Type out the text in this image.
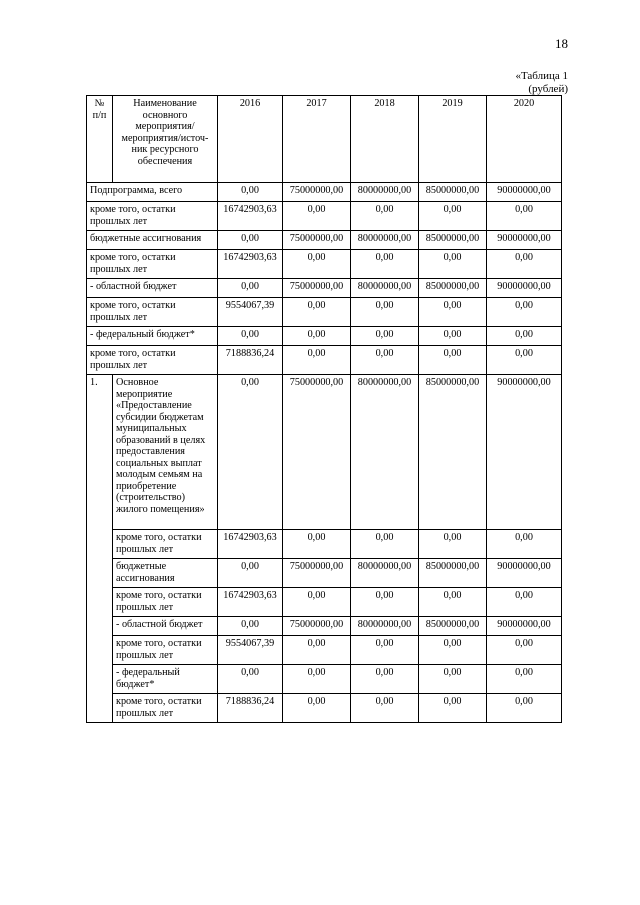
18
«Таблица 1
(рублей)
№ п/п	Наименование основного мероприятия/ мероприятия/источ-ник ресурсного обеспечения	2016	2017	2018	2019	2020
Подпрограмма, всего		0,00	75000000,00	80000000,00	85000000,00	90000000,00
кроме того, остатки прошлых лет		16742903,63	0,00	0,00	0,00	0,00
бюджетные ассигнования		0,00	75000000,00	80000000,00	85000000,00	90000000,00
кроме того, остатки прошлых лет		16742903,63	0,00	0,00	0,00	0,00
- областной бюджет		0,00	75000000,00	80000000,00	85000000,00	90000000,00
кроме того, остатки прошлых лет		9554067,39	0,00	0,00	0,00	0,00
- федеральный бюджет*		0,00	0,00	0,00	0,00	0,00
кроме того, остатки прошлых лет		7188836,24	0,00	0,00	0,00	0,00
1.	Основное мероприятие «Предоставление субсидии бюджетам муниципальных образований в целях предоставления социальных выплат молодым семьям на приобретение (строительство) жилого помещения»	0,00	75000000,00	80000000,00	85000000,00	90000000,00
	кроме того, остатки прошлых лет	16742903,63	0,00	0,00	0,00	0,00
	бюджетные ассигнования	0,00	75000000,00	80000000,00	85000000,00	90000000,00
	кроме того, остатки прошлых лет	16742903,63	0,00	0,00	0,00	0,00
	- областной бюджет	0,00	75000000,00	80000000,00	85000000,00	90000000,00
	кроме того, остатки прошлых лет	9554067,39	0,00	0,00	0,00	0,00
	- федеральный бюджет*	0,00	0,00	0,00	0,00	0,00
	кроме того, остатки прошлых лет	7188836,24	0,00	0,00	0,00	0,00
